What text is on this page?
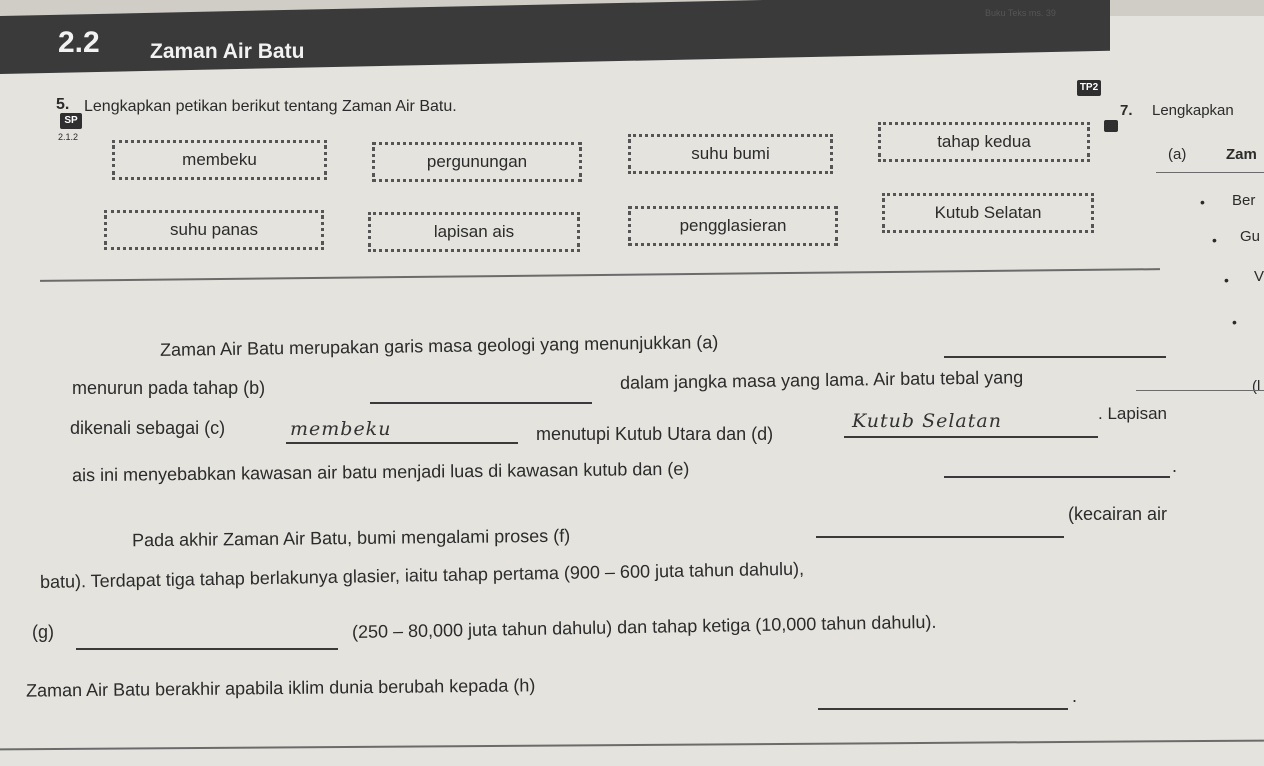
2.2 Zaman Air Batu
Buku Teks ms. 39
5. Lengkapkan petikan berikut tentang Zaman Air Batu.
SP
2.1.2
TP2
membeku	pergunungan	suhu bumi
tahap kedua
suhu panas	lapisan ais	pengglasieran
Kutub Selatan
Zaman Air Batu merupakan garis masa geologi yang menunjukkan (a)
menurun pada tahap (b)	dalam jangka masa yang lama. Air batu tebal yang
dikenali sebagai (c)	membeku	menutupi Kutub Utara dan (d)
Kutub Selatan	. Lapisan
ais ini menyebabkan kawasan air batu menjadi luas di kawasan kutub dan (e)	.
Pada akhir Zaman Air Batu, bumi mengalami proses (f)
(kecairan air
batu). Terdapat tiga tahap berlakunya glasier, iaitu tahap pertama (900 – 600 juta tahun dahulu),
(g)	(250 – 80,000 juta tahun dahulu) dan tahap ketiga (10,000 tahun dahulu).
Zaman Air Batu berakhir apabila iklim dunia berubah kepada (h)	.
7. Lengkapkan
(a)	Zam
• Ber
• Gu
• V
•
(l
